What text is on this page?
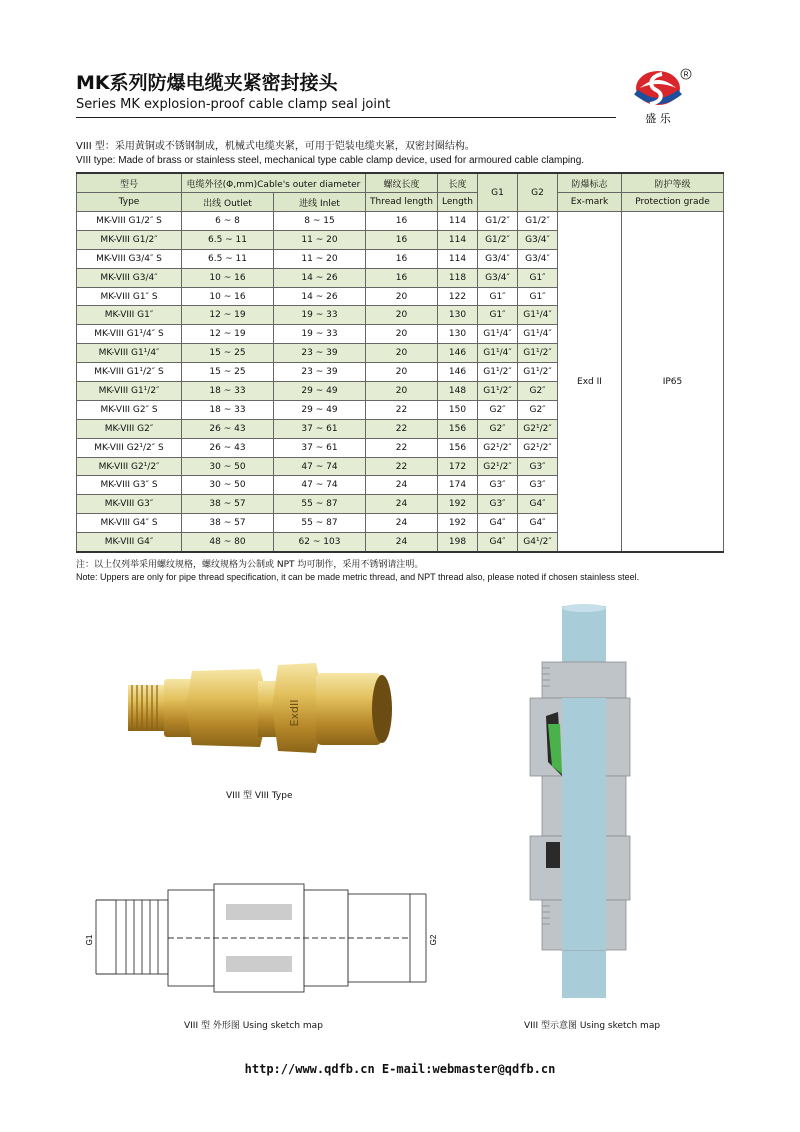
MK系列防爆电缆夹紧密封接头
Series MK explosion-proof cable clamp seal joint
R
盛 乐
VIII 型：采用黄铜或不锈钢制成，机械式电缆夹紧，可用于铠装电缆夹紧，双密封圈结构。
VIII type: Made of brass or stainless steel, mechanical type cable clamp device, used for armoured cable clamping.
型号	电缆外径(Φ,mm)Cable's outer diameter		螺纹长度	长度	G1	G2	防爆标志	防护等级
Type	出线 Outlet	进线 Inlet	Thread length	Length			Ex-mark	Protection grade
MK-VIII G1/2″ S	6 ~ 8	8 ~ 15	16	114	G1/2″	G1/2″	Exd II	IP65
MK-VIII G1/2″	6.5 ~ 11	11 ~ 20	16	114	G1/2″	G3/4″		
MK-VIII G3/4″ S	6.5 ~ 11	11 ~ 20	16	114	G3/4″	G3/4″		
MK-VIII G3/4″	10 ~ 16	14 ~ 26	16	118	G3/4″	G1″		
MK-VIII G1″ S	10 ~ 16	14 ~ 26	20	122	G1″	G1″		
MK-VIII G1″	12 ~ 19	19 ~ 33	20	130	G1″	G1¹/4″		
MK-VIII G1¹/4″ S	12 ~ 19	19 ~ 33	20	130	G1¹/4″	G1¹/4″		
MK-VIII G1¹/4″	15 ~ 25	23 ~ 39	20	146	G1¹/4″	G1¹/2″		
MK-VIII G1¹/2″ S	15 ~ 25	23 ~ 39	20	146	G1¹/2″	G1¹/2″		
MK-VIII G1¹/2″	18 ~ 33	29 ~ 49	20	148	G1¹/2″	G2″		
MK-VIII G2″ S	18 ~ 33	29 ~ 49	22	150	G2″	G2″		
MK-VIII G2″	26 ~ 43	37 ~ 61	22	156	G2″	G2¹/2″		
MK-VIII G2¹/2″ S	26 ~ 43	37 ~ 61	22	156	G2¹/2″	G2¹/2″		
MK-VIII G2¹/2″	30 ~ 50	47 ~ 74	22	172	G2¹/2″	G3″		
MK-VIII G3″ S	30 ~ 50	47 ~ 74	24	174	G3″	G3″		
MK-VIII G3″	38 ~ 57	55 ~ 87	24	192	G3″	G4″		
MK-VIII G4″ S	38 ~ 57	55 ~ 87	24	192	G4″	G4″		
MK-VIII G4″	48 ~ 80	62 ~ 103	24	198	G4″	G4¹/2″		
注：以上仅列举采用螺纹规格，螺纹规格为公制或 NPT 均可制作，采用不锈钢请注明。
Note: Uppers are only for pipe thread specification, it can be made metric thread, and NPT thread also, please noted if chosen stainless steel.
ExdII
VIII 型 VIII Type
G1	G2
VIII 型 外形图 Using sketch map	VIII 型示意图 Using sketch map
http://www.qdfb.cn E-mail:webmaster@qdfb.cn
